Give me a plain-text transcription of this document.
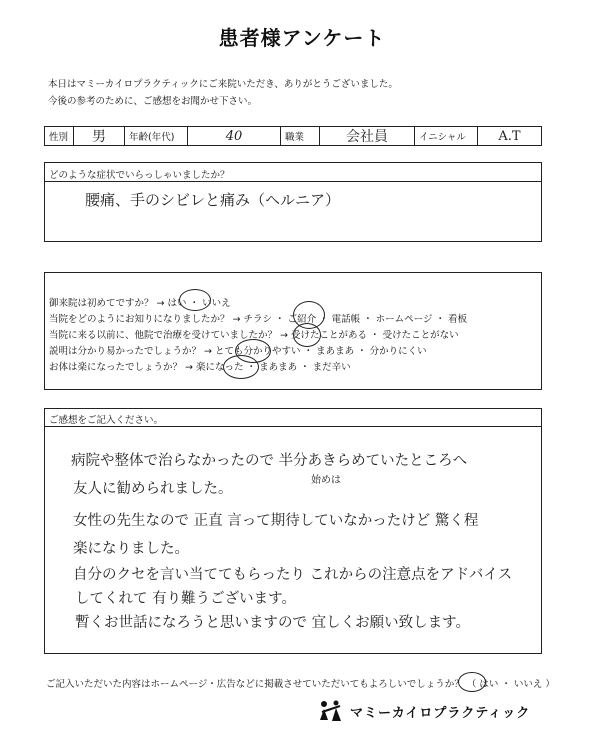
患者様アンケート
本日はマミーカイロプラクティックにご来院いただき、ありがとうございました。
今後の参考のために、ご感想をお聞かせ下さい。
性別	男	年齢(年代)	40	職業	会社員	イニシャル	A.T
どのような症状でいらっしゃいましたか？
腰痛、手のシビレと痛み（ヘルニア）
御来院は初めてですか？ → はい ・ いいえ
当院をどのようにお知りになりましたか？ → チラシ ・ ご紹介 ・ 電話帳 ・ ホームページ ・ 看板
当院に来る以前に、他院で治療を受けていましたか？ → 受けたことがある ・ 受けたことがない
説明は分かり易かったでしょうか？ → とても分かりやすい ・ まあまあ ・ 分かりにくい
お体は楽になったでしょうか？ → 楽になった ・ まあまあ ・ まだ辛い
ご感想をご記入ください。
始めは
病院や整体で治らなかったので 半分あきらめていたところへ
友人に勧められました。
女性の先生なので 正直 言って期待していなかったけど 驚く程
楽になりました。
自分のクセを言い当ててもらったり これからの注意点をアドバイス
してくれて 有り難うございます。
暫くお世話になろうと思いますので 宜しくお願い致します。
ご記入いただいた内容はホームページ・広告などに掲載させていただいてもよろしいでしょうか？ （ はい ・ いいえ ）
マミーカイロプラクティック
